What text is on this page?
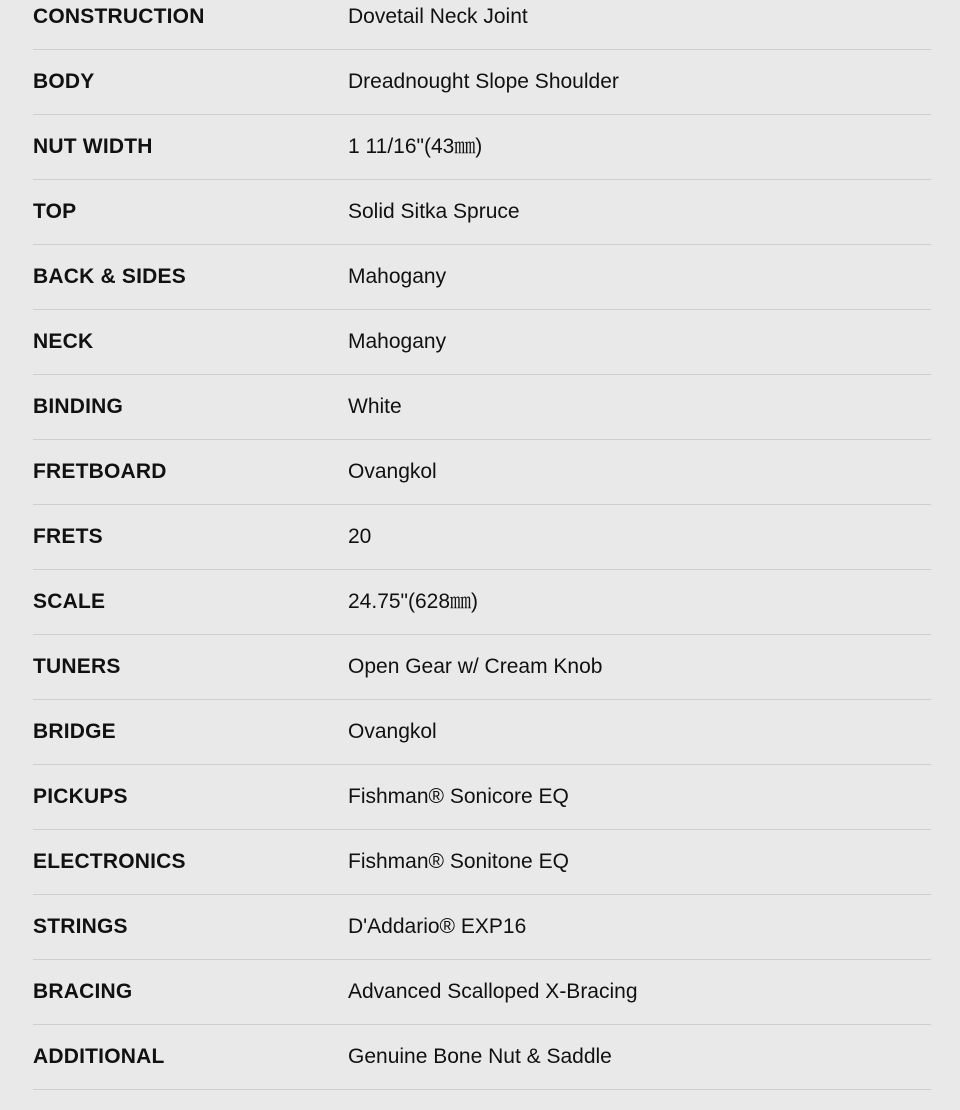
CONSTRUCTION	Dovetail Neck Joint
BODY	Dreadnought Slope Shoulder
NUT WIDTH	1 11/16"(43㎜)
TOP	Solid Sitka Spruce
BACK & SIDES	Mahogany
NECK	Mahogany
BINDING	White
FRETBOARD	Ovangkol
FRETS	20
SCALE	24.75"(628㎜)
TUNERS	Open Gear w/ Cream Knob
BRIDGE	Ovangkol
PICKUPS	Fishman® Sonicore EQ
ELECTRONICS	Fishman® Sonitone EQ
STRINGS	D'Addario® EXP16
BRACING	Advanced Scalloped X-Bracing
ADDITIONAL	Genuine Bone Nut & Saddle
